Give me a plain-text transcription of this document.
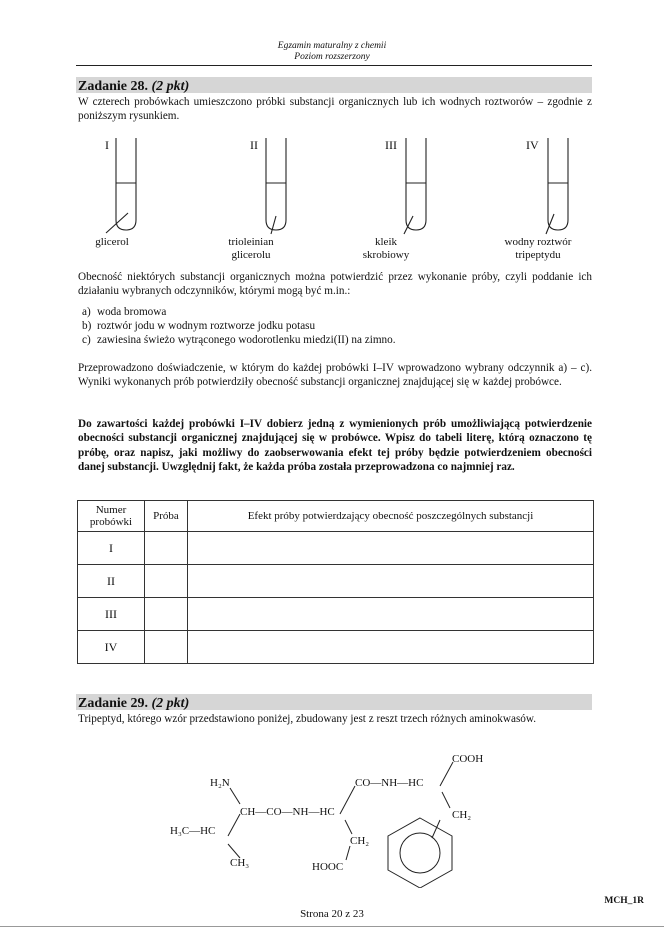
Egzamin maturalny z chemii
Poziom rozszerzony
Zadanie 28. (2 pkt)
W czterech probówkach umieszczono próbki substancji organicznych lub ich wodnych roztworów – zgodnie z poniższym rysunkiem.
I	II	III	IV
glicerol	trioleinian glicerolu
kleik skrobiowy
wodny roztwór tripeptydu
Obecność niektórych substancji organicznych można potwierdzić przez wykonanie próby, czyli poddanie ich działaniu wybranych odczynników, którymi mogą być m.in.:
a) woda bromowa
b) roztwór jodu w wodnym roztworze jodku potasu
c) zawiesina świeżo wytrąconego wodorotlenku miedzi(II) na zimno.
Przeprowadzono doświadczenie, w którym do każdej probówki I–IV wprowadzono wybrany odczynnik a) – c). Wyniki wykonanych prób potwierdziły obecność substancji organicznej znajdującej się w każdej probówce.
Do zawartości każdej probówki I–IV dobierz jedną z wymienionych prób umożliwiającą potwierdzenie obecności substancji organicznej znajdującej się w probówce. Wpisz do tabeli literę, którą oznaczono tę próbę, oraz napisz, jaki możliwy do zaobserwowania efekt tej próby będzie potwierdzeniem obecności danej substancji. Uwzględnij fakt, że każda próba została przeprowadzona co najmniej raz.
Numer probówki	Próba	Efekt próby potwierdzający obecność poszczególnych substancji
I		
II		
III		
IV		
Zadanie 29. (2 pkt)
Tripeptyd, którego wzór przedstawiono poniżej, zbudowany jest z reszt trzech różnych aminokwasów.
H₂N
CH—CO—NH—HC
CO—NH—HC
COOH
H₃C—HC
CH₃
CH₂
HOOC
CH₂
MCH_1R
Strona 20 z 23
